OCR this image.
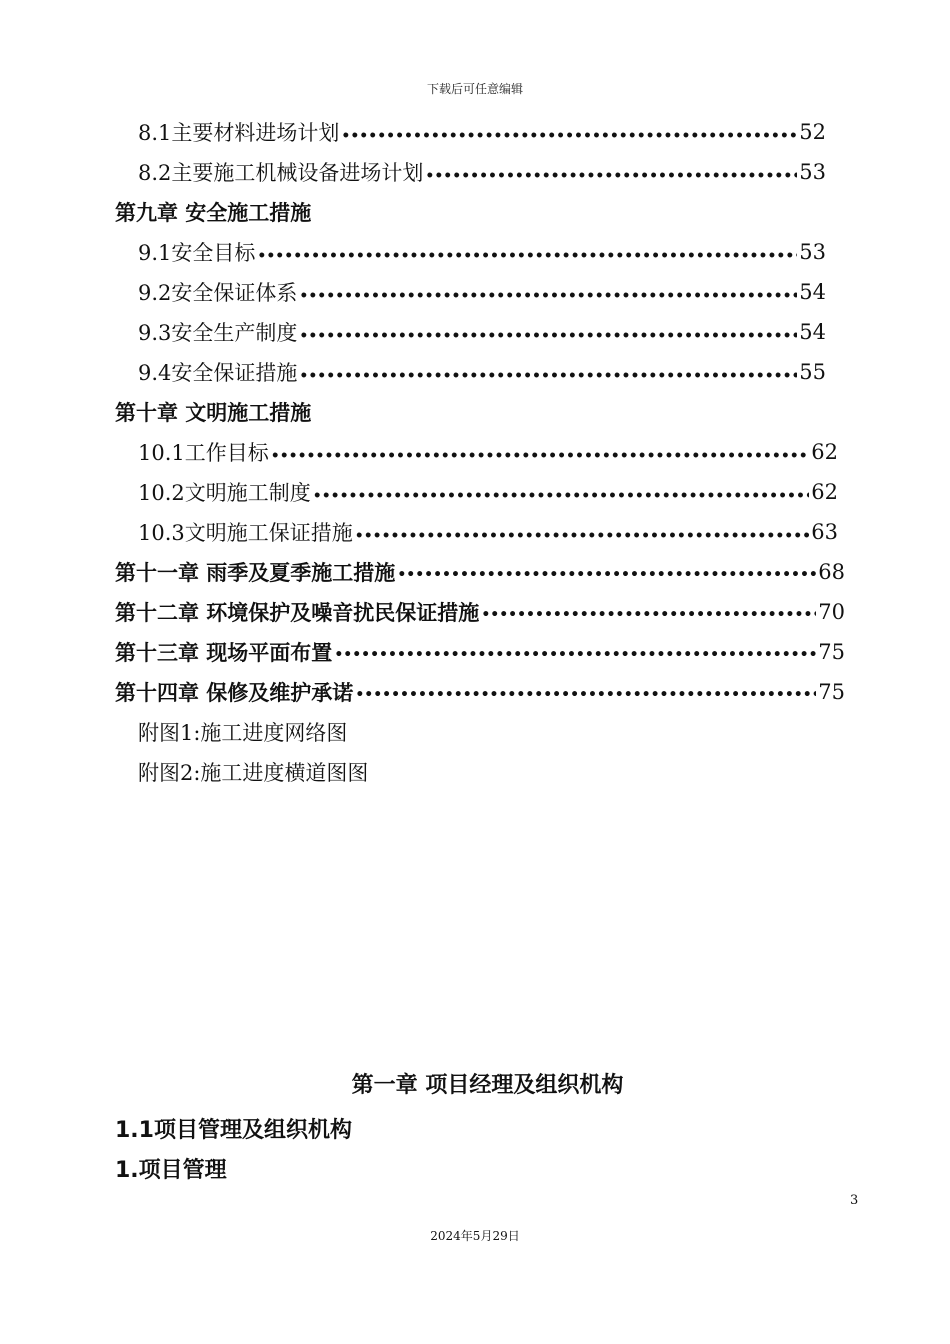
下载后可任意编辑
8.1主要材料进场计划 •••••	52
8.2主要施工机械设备进场计划 •••••	53
第九章 安全施工措施
9.1安全目标 •••••	53
9.2安全保证体系 •••••	54
9.3安全生产制度 •••••	54
9.4安全保证措施 •••••	55
第十章 文明施工措施
10.1工作目标 •••••	62
10.2文明施工制度 •••••	62
10.3文明施工保证措施 •••••	63
第十一章 雨季及夏季施工措施 •••••	68
第十二章 环境保护及噪音扰民保证措施 •••••	70
第十三章 现场平面布置 •••••	75
第十四章 保修及维护承诺 •••••	75
附图1:施工进度网络图
附图2:施工进度横道图图
第一章 项目经理及组织机构
1.1项目管理及组织机构
1.项目管理
3
2024年5月29日
